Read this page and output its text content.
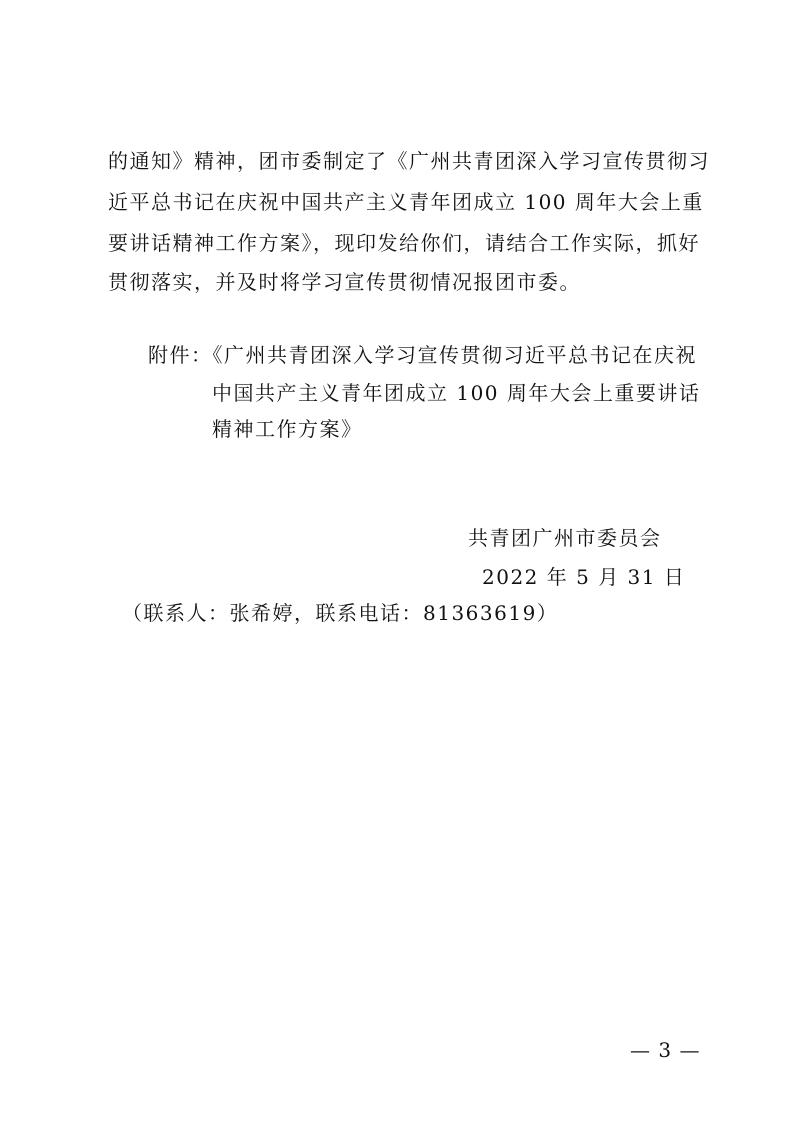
的通知》精神，团市委制定了《广州共青团深入学习宣传贯彻习
近平总书记在庆祝中国共产主义青年团成立 100 周年大会上重
要讲话精神工作方案》，现印发给你们，请结合工作实际，抓好
贯彻落实，并及时将学习宣传贯彻情况报团市委。
附件：《广州共青团深入学习宣传贯彻习近平总书记在庆祝
中国共产主义青年团成立 100 周年大会上重要讲话
精神工作方案》
共青团广州市委员会
2022 年 5 月 31 日
（联系人：张希婷，联系电话：81363619）
— 3 —
